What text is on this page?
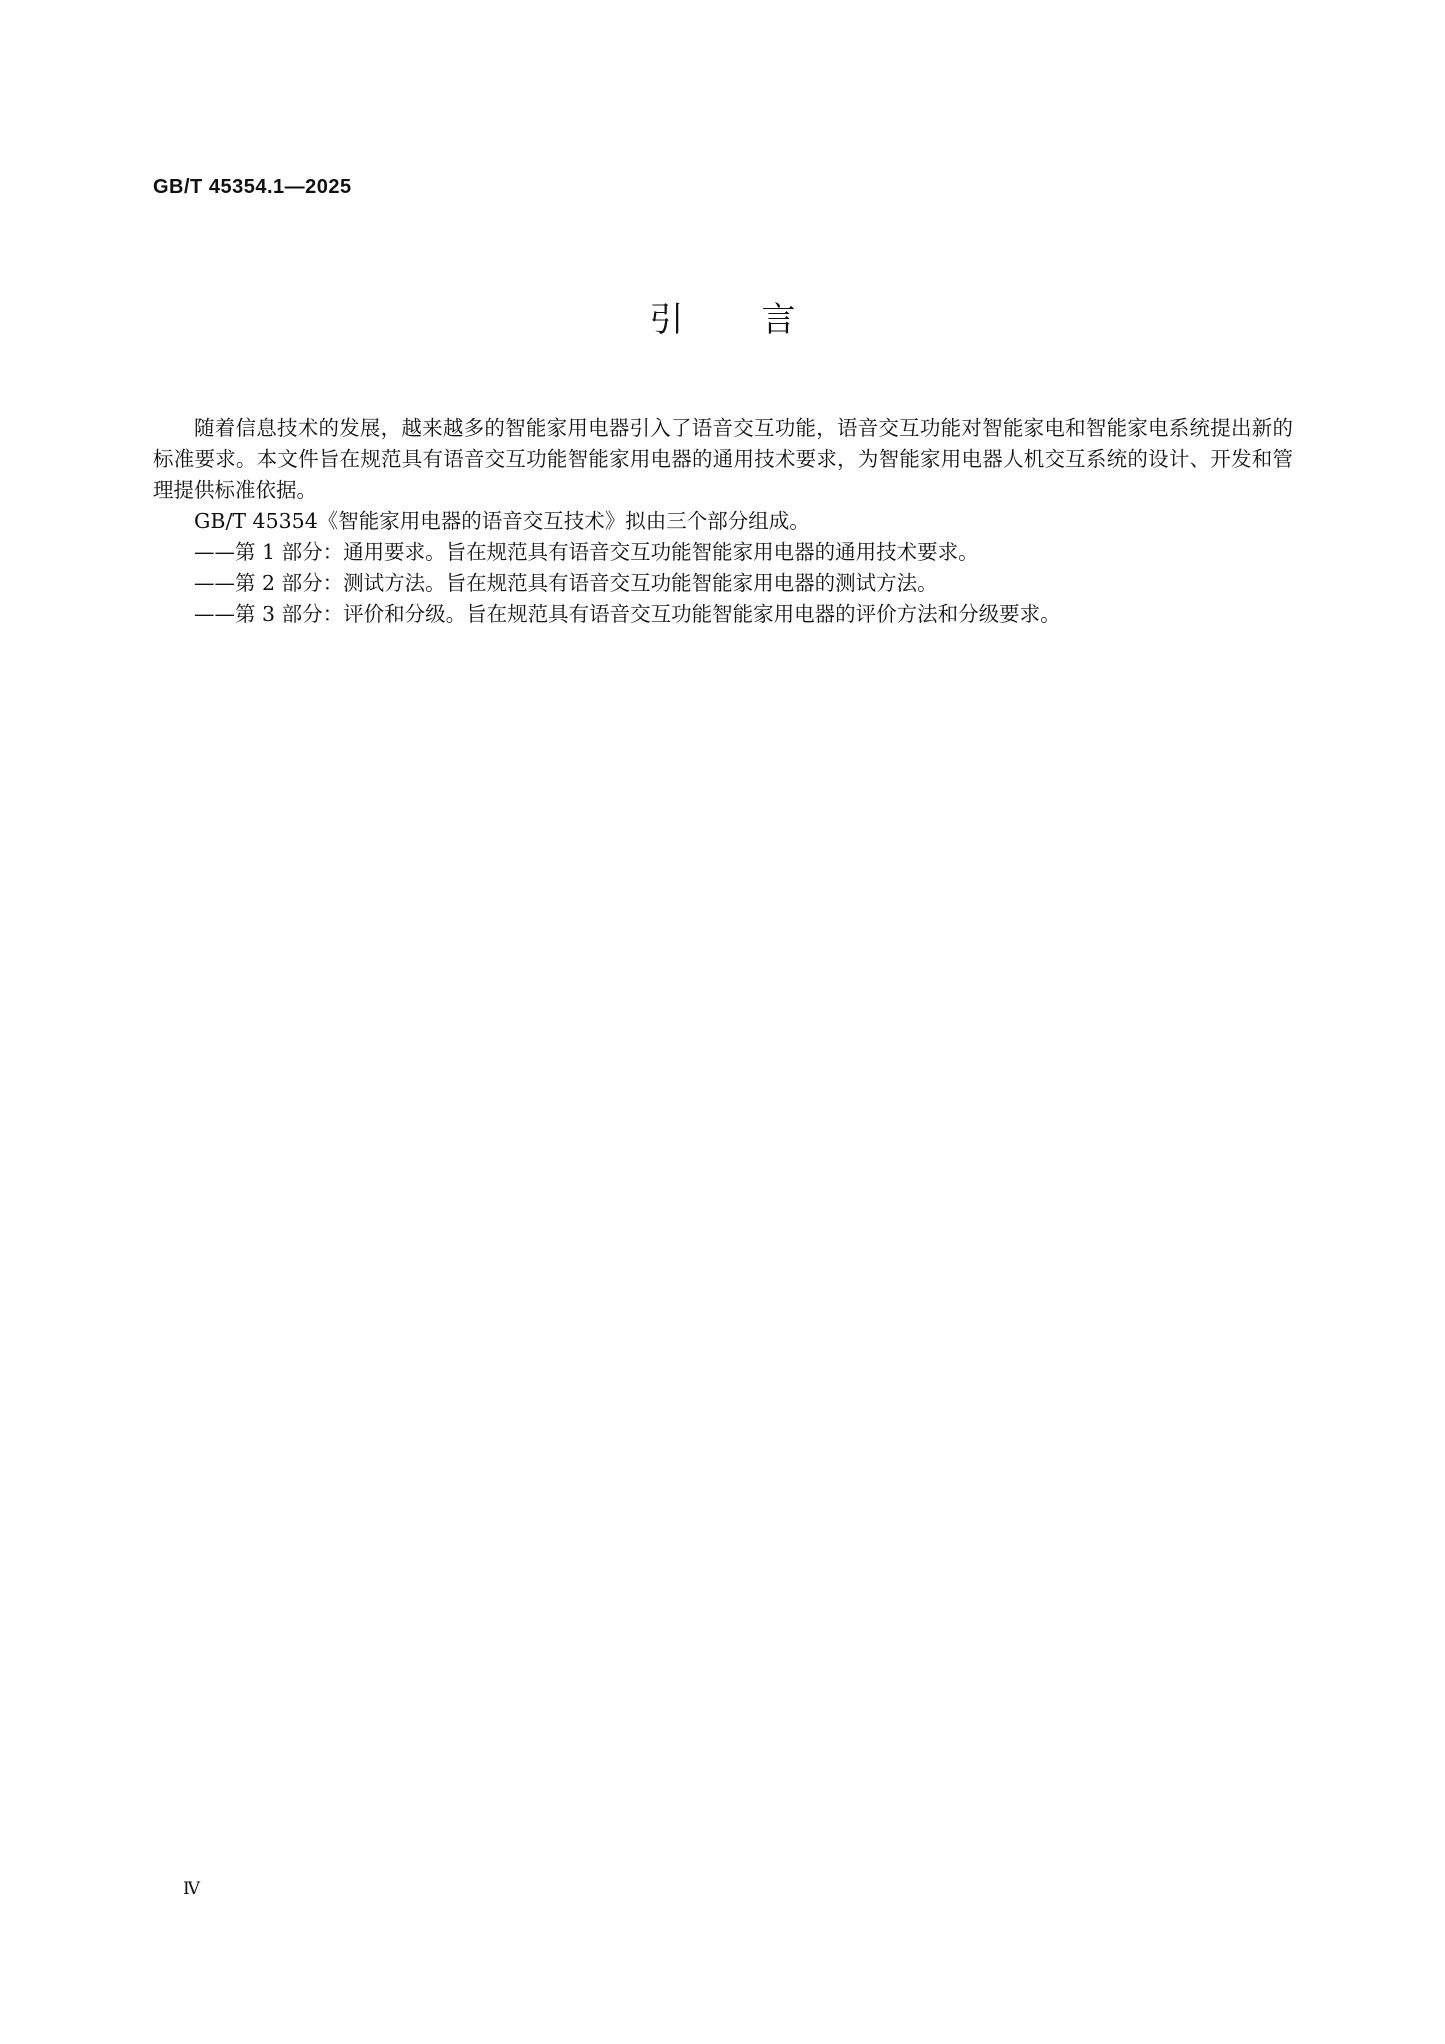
GB/T 45354.1—2025
引言

随着信息技术的发展，越来越多的智能家用电器引入了语音交互功能，语音交互功能对智能家电和智能家电系统提出新的标准要求。本文件旨在规范具有语音交互功能智能家用电器的通用技术要求，为智能家用电器人机交互系统的设计、开发和管理提供标准依据。

GB/T 45354《智能家用电器的语音交互技术》拟由三个部分组成。

——第 1 部分：通用要求。旨在规范具有语音交互功能智能家用电器的通用技术要求。

——第 2 部分：测试方法。旨在规范具有语音交互功能智能家用电器的测试方法。

——第 3 部分：评价和分级。旨在规范具有语音交互功能智能家用电器的评价方法和分级要求。

Ⅳ
